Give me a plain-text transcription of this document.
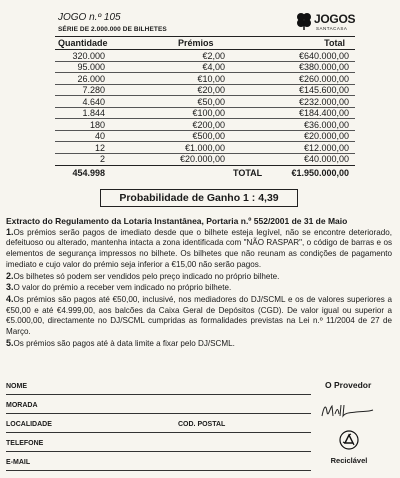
JOGO n.º 105
SÉRIE DE 2.000.000 DE BILHETES
JOGOS
SANTACASA
Quantidade	Prémios	Total
320.000	€2,00	€640.000,00
95.000	€4,00	€380.000,00
26.000	€10,00	€260.000,00
7.280	€20,00	€145.600,00
4.640	€50,00	€232.000,00
1.844	€100,00	€184.400,00
180	€200,00	€36.000,00
40	€500,00	€20.000,00
12	€1.000,00	€12.000,00
2	€20.000,00	€40.000,00
454.998	TOTAL	€1.950.000,00
Probabilidade de Ganho 1 : 4,39

Extracto do Regulamento da Lotaria Instantânea, Portaria n.º 552/2001 de 31 de Maio

1.Os prémios serão pagos de imediato desde que o bilhete esteja legível, não se encontre deteriorado, defeituoso ou alterado, mantenha intacta a zona identificada com "NÃO RASPAR", o código de barras e os elementos de segurança impressos no bilhete. Os bilhetes que não reunam as condições de pagamento imediato e cujo valor do prémio seja inferior a €15,00 não serão pagos.

2.Os bilhetes só podem ser vendidos pelo preço indicado no próprio bilhete.

3.O valor do prémio a receber vem indicado no próprio bilhete.

4.Os prémios são pagos até €50,00, inclusivé, nos mediadores do DJ/SCML e os de valores superiores a €50,00 e até €4.999,00, aos balcões da Caixa Geral de Depósitos (CGD). De valor igual ou superior a €5.000,00, directamente no DJ/SCML cumpridas as formalidades previstas na Lei n.º 11/2004 de 27 de Março.

5.Os prémios são pagos até à data limite a fixar pelo DJ/SCML.

NOME
MORADA
LOCALIDADE	COD. POSTAL
TELEFONE
E-MAIL
O Provedor
Reciclável
